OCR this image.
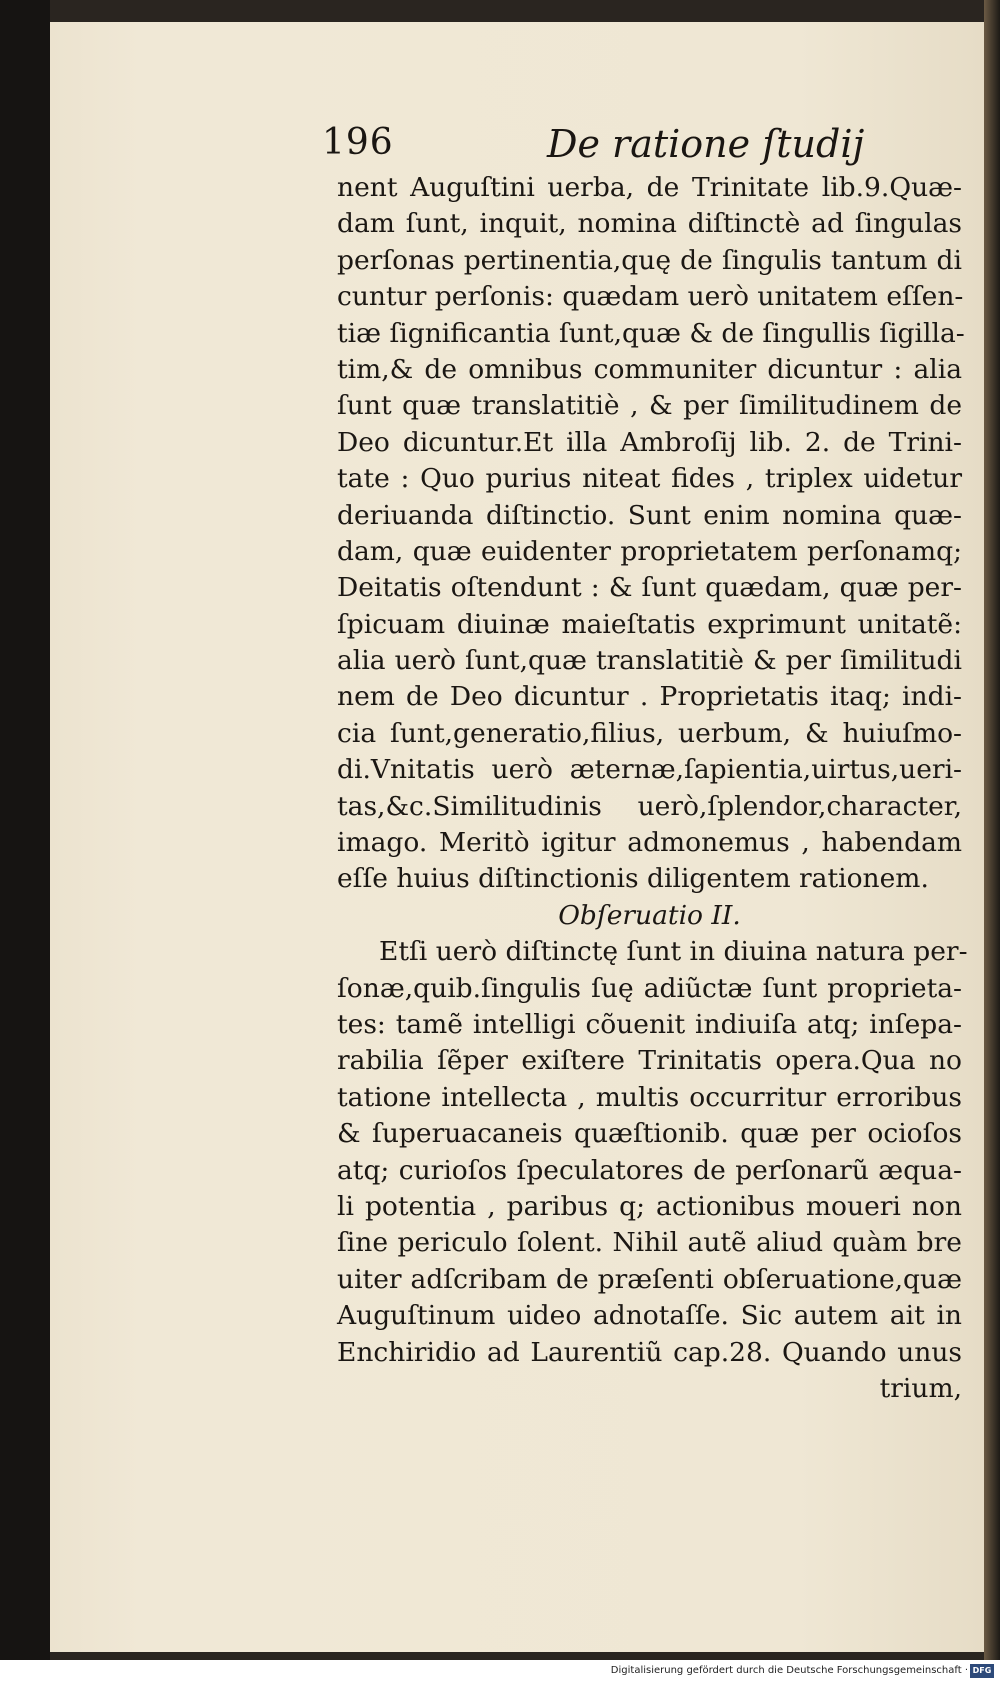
196	De ratione ſtudij
nent Auguſtini uerba, de Trinitate lib.9.Quæ-
dam ſunt, inquit, nomina diſtinctè ad ſingulas
perſonas pertinentia,quę de ſingulis tantum di
cuntur perſonis: quædam uerò unitatem eſſen-
tiæ ſignificantia ſunt,quæ & de ſingullis ſigilla-
tim,& de omnibus communiter dicuntur : alia
ſunt quæ translatitiè , & per ſimilitudinem de
Deo dicuntur.Et illa Ambroſij lib. 2. de Trini-
tate : Quo purius niteat fides , triplex uidetur
deriuanda diſtinctio. Sunt enim nomina quæ-
dam, quæ euidenter proprietatem perſonamq;
Deitatis oſtendunt : & ſunt quædam, quæ per-
ſpicuam diuinæ maieſtatis exprimunt unitatẽ:
alia uerò ſunt,quæ translatitiè & per ſimilitudi
nem de Deo dicuntur . Proprietatis itaq; indi-
cia ſunt,generatio,filius, uerbum, & huiuſmo-
di.Vnitatis uerò æternæ,ſapientia,uirtus,ueri-
tas,&c.Similitudinis uerò,ſplendor,character,
imago. Meritò igitur admonemus , habendam
eſſe huius diſtinctionis diligentem rationem.
Obſeruatio II.
Etſi uerò diſtinctę ſunt in diuina natura per-
ſonæ,quib.ſingulis ſuę adiũctæ ſunt proprieta-
tes: tamẽ intelligi cõuenit indiuiſa atq; inſepa-
rabilia ſẽper exiſtere Trinitatis opera.Qua no
tatione intellecta , multis occurritur erroribus
& ſuperuacaneis quæſtionib. quæ per ocioſos
atq; curioſos ſpeculatores de perſonarũ æqua-
li potentia , paribus q; actionibus moueri non
ſine periculo ſolent. Nihil autẽ aliud quàm bre
uiter adſcribam de præſenti obſeruatione,quæ
Auguſtinum uideo adnotaſſe. Sic autem ait in
Enchiridio ad Laurentiũ cap.28. Quando unus
trium,
Digitalisierung gefördert durch die Deutsche Forschungsgemeinschaft · DFG
